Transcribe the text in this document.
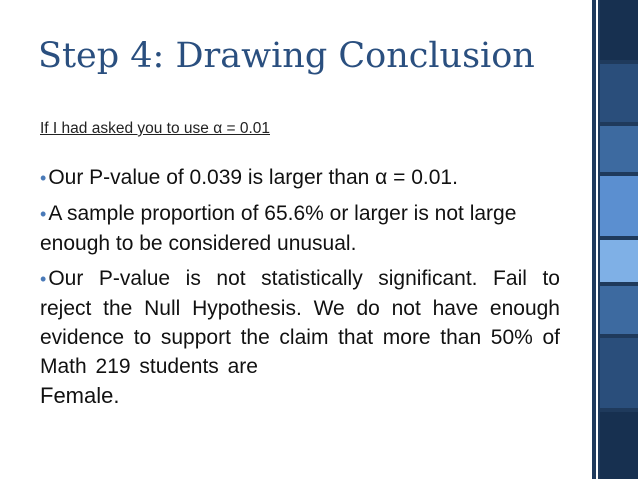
Step 4: Drawing Conclusion
If I had asked you to use α = 0.01

•Our P-value of 0.039 is larger than α = 0.01.

•A sample proportion of 65.6% or larger is not large enough to be considered unusual.

•Our P-value is not statistically significant. Fail to reject the Null Hypothesis. We do not have enough evidence to support the claim that more than 50% of Math 219 students are
Female.
